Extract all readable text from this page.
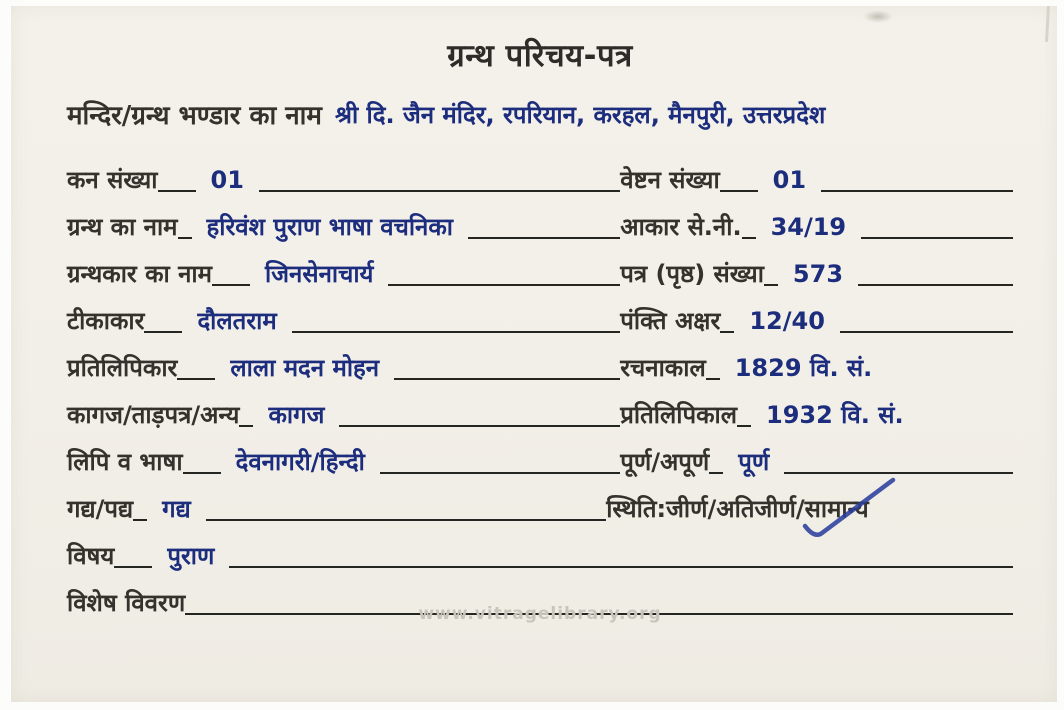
ग्रन्थ परिचय-पत्र
मन्दिर/ग्रन्थ भण्डार का नाम श्री दि. जैन मंदिर, रपरियान, करहल, मैनपुरी, उत्तरप्रदेश
कन संख्या	01	वेष्टन संख्या	01
ग्रन्थ का नाम	हरिवंश पुराण भाषा वचनिका	आकार से.नी.	34/19
ग्रन्थकार का नाम	जिनसेनाचार्य	पत्र (पृष्ठ) संख्या	573
टीकाकार	दौलतराम	पंक्ति अक्षर	12/40
प्रतिलिपिकार	लाला मदन मोहन	रचनाकाल	1829 वि. सं.
कागज/ताड़पत्र/अन्य	कागज	प्रतिलिपिकाल	1932 वि. सं.
लिपि व भाषा	देवनागरी/हिन्दी	पूर्ण/अपूर्ण	पूर्ण
गद्य/पद्य	गद्य	स्थिति:जीर्ण/अतिजीर्ण/ सामान्य
विषय	पुराण
विशेष विवरण	www.vitragelibrary.org
